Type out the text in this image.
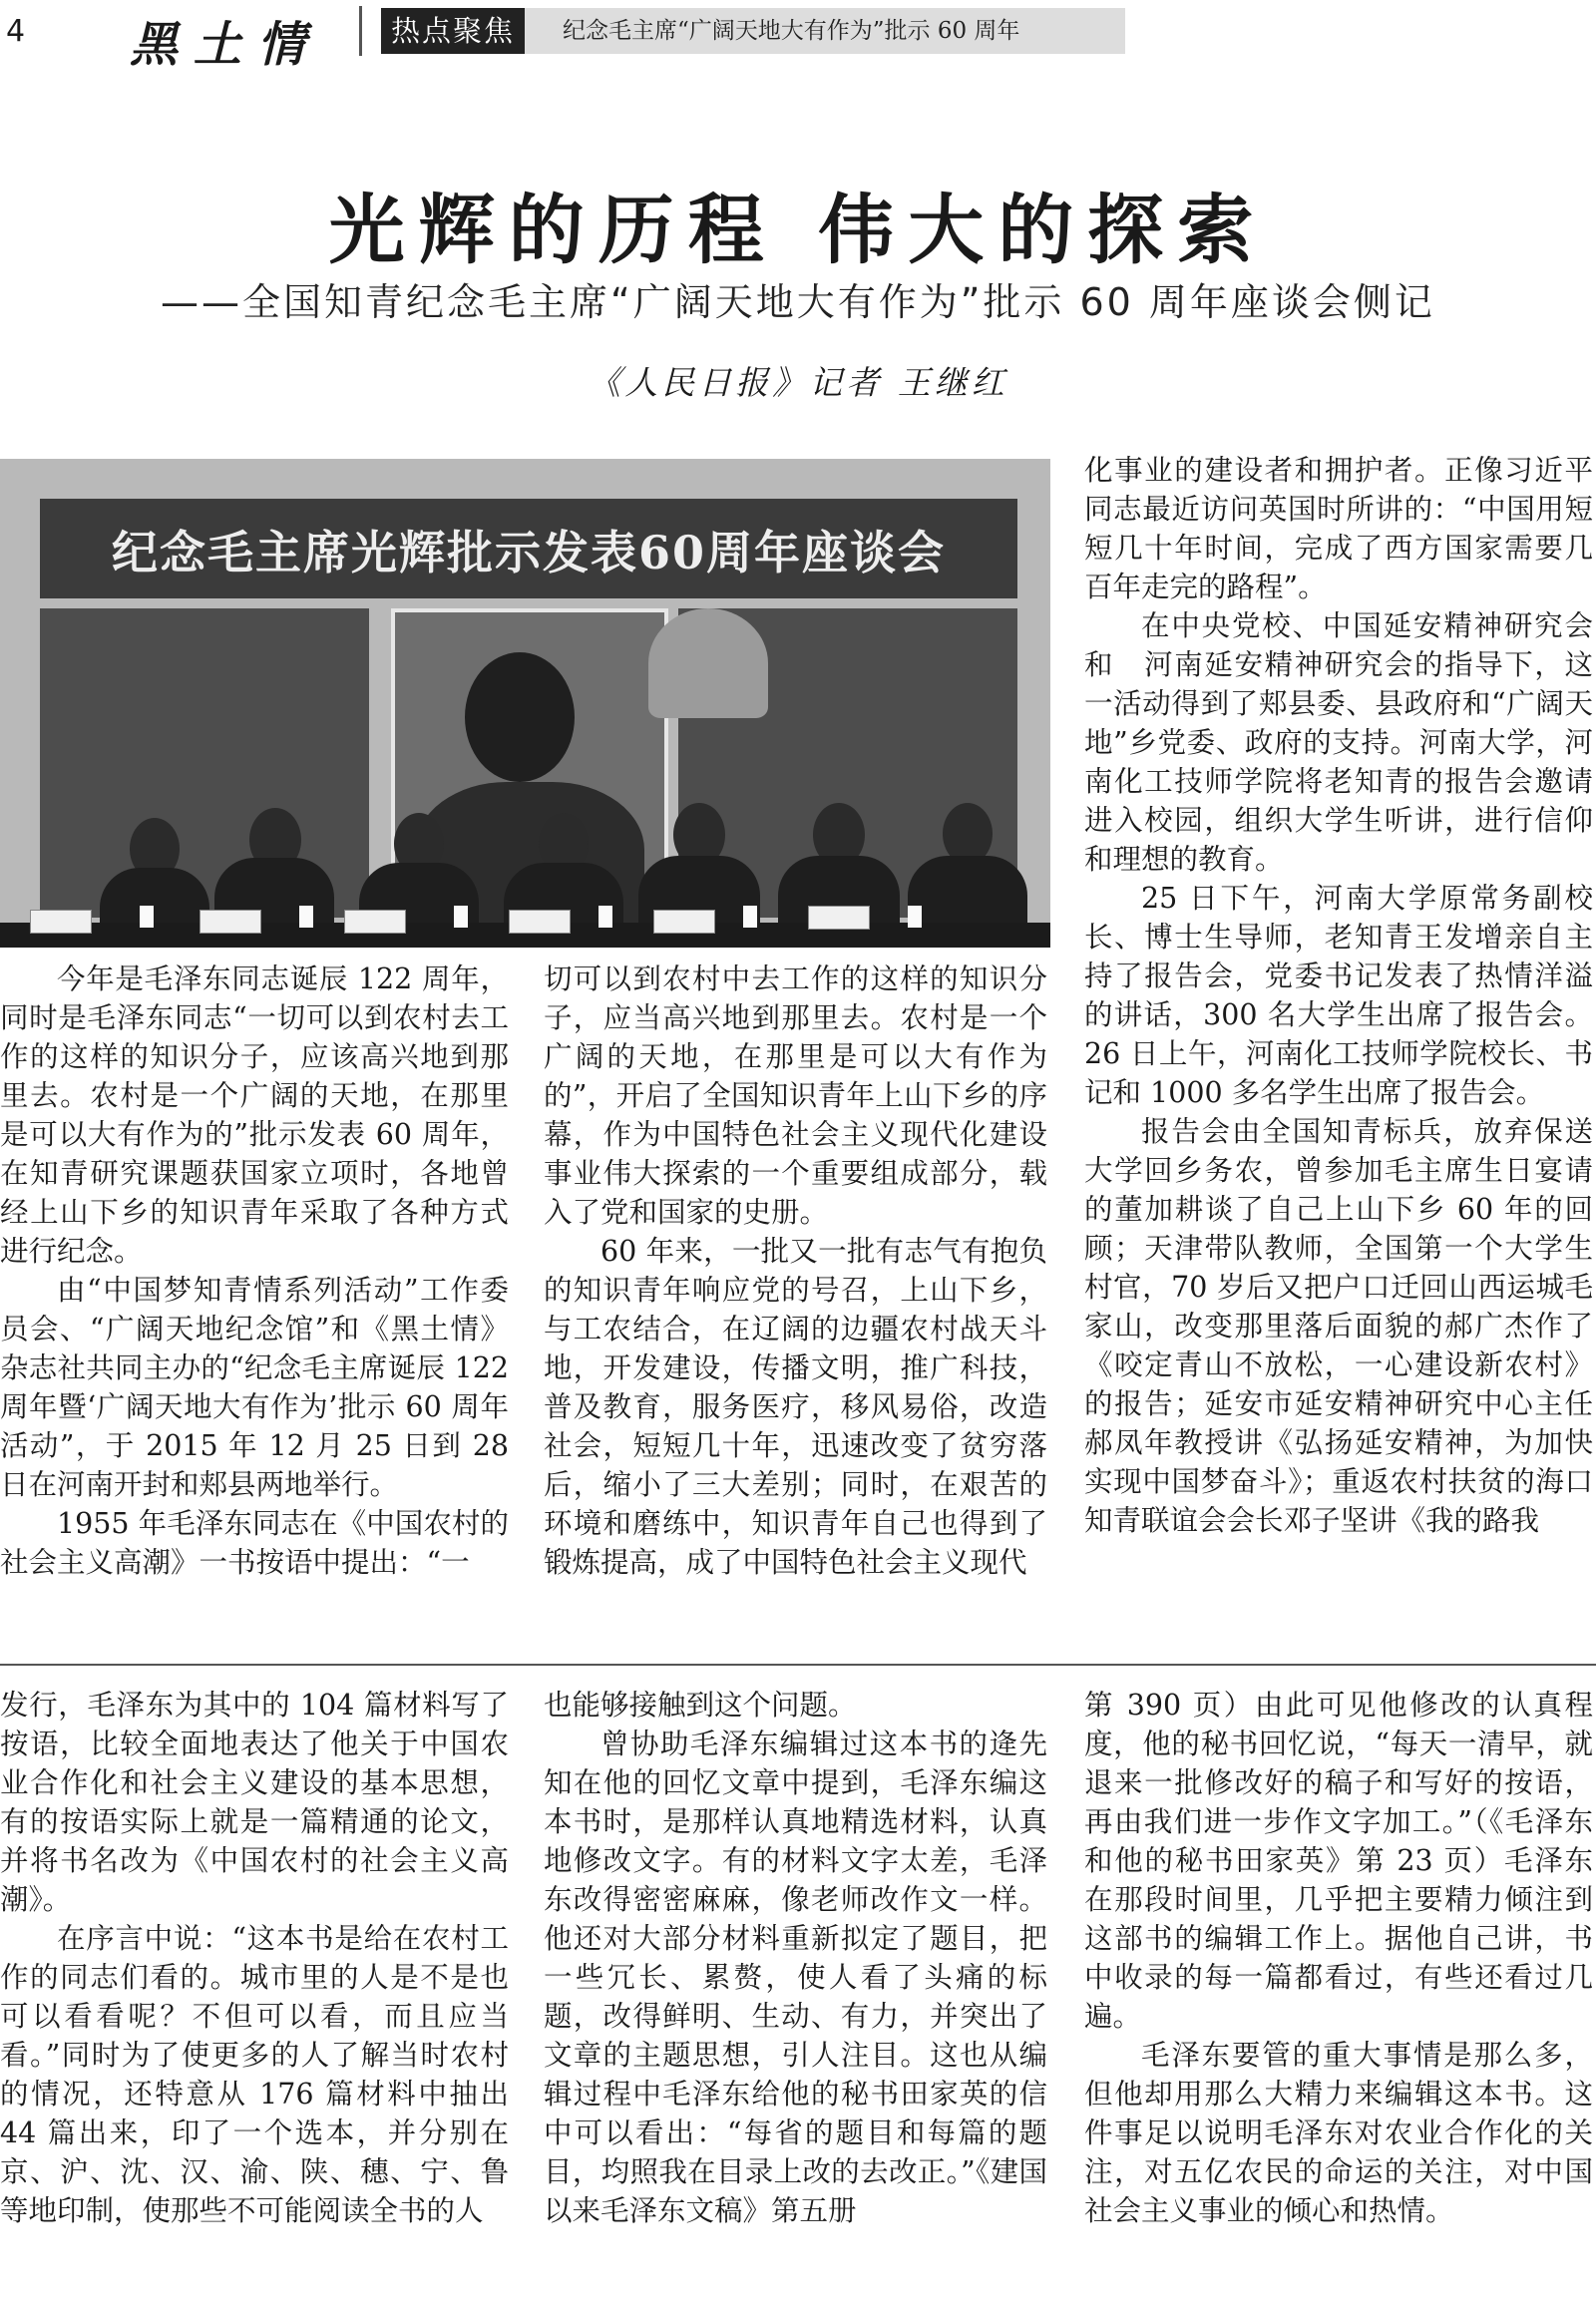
4 黑土情	热点聚焦	纪念毛主席“广阔天地大有作为”批示 60 周年
光辉的历程 伟大的探索
——全国知青纪念毛主席“广阔天地大有作为”批示 60 周年座谈会侧记
《人民日报》记者 王继红
纪念毛主席光辉批示发表60周年座谈会

今年是毛泽东同志诞辰 122 周年，同时是毛泽东同志“一切可以到农村去工作的这样的知识分子，应该高兴地到那里去。农村是一个广阔的天地，在那里是可以大有作为的”批示发表 60 周年，在知青研究课题获国家立项时，各地曾经上山下乡的知识青年采取了各种方式进行纪念。

由“中国梦知青情系列活动”工作委员会、“广阔天地纪念馆”和《黑土情》杂志社共同主办的“纪念毛主席诞辰 122 周年暨‘广阔天地大有作为’批示 60 周年活动”，于 2015 年 12 月 25 日到 28 日在河南开封和郏县两地举行。

1955 年毛泽东同志在《中国农村的社会主义高潮》一书按语中提出：“一

切可以到农村中去工作的这样的知识分子，应当高兴地到那里去。农村是一个广阔的天地，在那里是可以大有作为的”，开启了全国知识青年上山下乡的序幕，作为中国特色社会主义现代化建设事业伟大探索的一个重要组成部分，载入了党和国家的史册。

60 年来，一批又一批有志气有抱负的知识青年响应党的号召，上山下乡，与工农结合，在辽阔的边疆农村战天斗地，开发建设，传播文明，推广科技，普及教育，服务医疗，移风易俗，改造社会，短短几十年，迅速改变了贫穷落后，缩小了三大差别；同时，在艰苦的环境和磨练中，知识青年自己也得到了锻炼提高，成了中国特色社会主义现代

化事业的建设者和拥护者。正像习近平同志最近访问英国时所讲的：“中国用短短几十年时间，完成了西方国家需要几百年走完的路程”。

在中央党校、中国延安精神研究会和　河南延安精神研究会的指导下，这一活动得到了郏县委、县政府和“广阔天地”乡党委、政府的支持。河南大学，河南化工技师学院将老知青的报告会邀请进入校园，组织大学生听讲，进行信仰和理想的教育。

25 日下午，河南大学原常务副校长、博士生导师，老知青王发增亲自主持了报告会，党委书记发表了热情洋溢的讲话，300 名大学生出席了报告会。26 日上午，河南化工技师学院校长、书记和 1000 多名学生出席了报告会。

报告会由全国知青标兵，放弃保送大学回乡务农，曾参加毛主席生日宴请的董加耕谈了自己上山下乡 60 年的回顾；天津带队教师，全国第一个大学生村官，70 岁后又把户口迁回山西运城毛家山，改变那里落后面貌的郝广杰作了《咬定青山不放松，一心建设新农村》的报告；延安市延安精神研究中心主任郝凤年教授讲《弘扬延安精神，为加快实现中国梦奋斗》；重返农村扶贫的海口知青联谊会会长邓子坚讲《我的路我

发行，毛泽东为其中的 104 篇材料写了按语，比较全面地表达了他关于中国农业合作化和社会主义建设的基本思想，有的按语实际上就是一篇精通的论文，并将书名改为《中国农村的社会主义高潮》。

在序言中说：“这本书是给在农村工作的同志们看的。城市里的人是不是也可以看看呢？不但可以看，而且应当看。”同时为了使更多的人了解当时农村的情况，还特意从 176 篇材料中抽出 44 篇出来，印了一个选本，并分别在京、沪、沈、汉、渝、陕、穗、宁、鲁等地印制，使那些不可能阅读全书的人

也能够接触到这个问题。

曾协助毛泽东编辑过这本书的逄先知在他的回忆文章中提到，毛泽东编这本书时，是那样认真地精选材料，认真地修改文字。有的材料文字太差，毛泽东改得密密麻麻，像老师改作文一样。他还对大部分材料重新拟定了题目，把一些冗长、累赘，使人看了头痛的标题，改得鲜明、生动、有力，并突出了文章的主题思想，引人注目。这也从编辑过程中毛泽东给他的秘书田家英的信中可以看出：“每省的题目和每篇的题目，均照我在目录上改的去改正。”《建国以来毛泽东文稿》第五册

第 390 页）由此可见他修改的认真程度，他的秘书回忆说，“每天一清早，就退来一批修改好的稿子和写好的按语，再由我们进一步作文字加工。”（《毛泽东和他的秘书田家英》第 23 页）毛泽东在那段时间里，几乎把主要精力倾注到这部书的编辑工作上。据他自己讲，书中收录的每一篇都看过，有些还看过几遍。

毛泽东要管的重大事情是那么多，但他却用那么大精力来编辑这本书。这件事足以说明毛泽东对农业合作化的关注，对五亿农民的命运的关注，对中国社会主义事业的倾心和热情。
